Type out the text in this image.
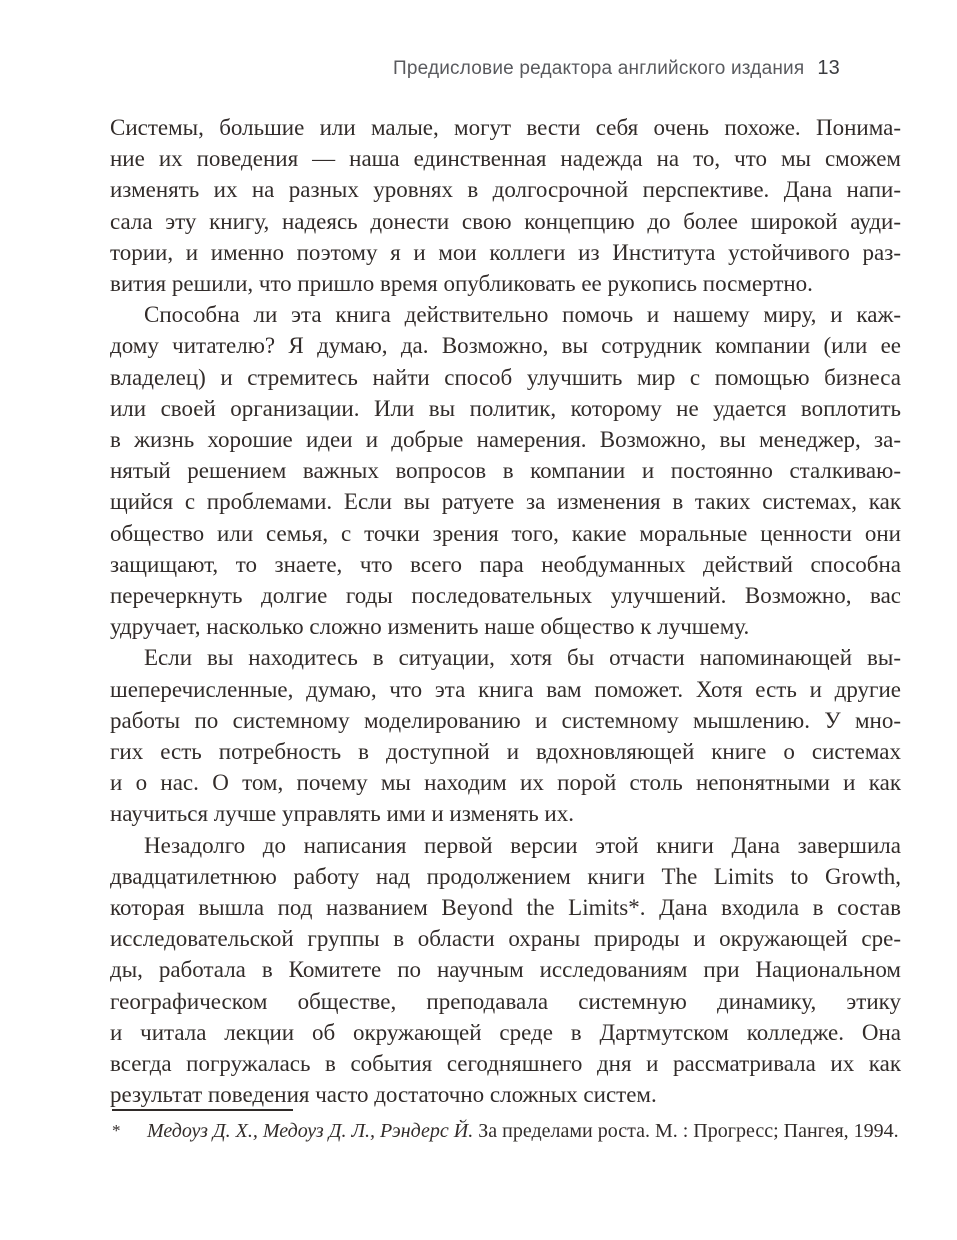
Предисловие редактора английского издания 13
Системы, большие или малые, могут вести себя очень похоже. Понима-
ние их поведения — наша единственная надежда на то, что мы сможем
изменять их на разных уровнях в долгосрочной перспективе. Дана напи-
сала эту книгу, надеясь донести свою концепцию до более широкой ауди-
тории, и именно поэтому я и мои коллеги из Института устойчивого раз-
вития решили, что пришло время опубликовать ее рукопись посмертно.
Способна ли эта книга действительно помочь и нашему миру, и каж-
дому читателю? Я думаю, да. Возможно, вы сотрудник компании (или ее
владелец) и стремитесь найти способ улучшить мир с помощью бизнеса
или своей организации. Или вы политик, которому не удается воплотить
в жизнь хорошие идеи и добрые намерения. Возможно, вы менеджер, за-
нятый решением важных вопросов в компании и постоянно сталкиваю-
щийся с проблемами. Если вы ратуете за изменения в таких системах, как
общество или семья, с точки зрения того, какие моральные ценности они
защищают, то знаете, что всего пара необдуманных действий способна
перечеркнуть долгие годы последовательных улучшений. Возможно, вас
удручает, насколько сложно изменить наше общество к лучшему.
Если вы находитесь в ситуации, хотя бы отчасти напоминающей вы-
шеперечисленные, думаю, что эта книга вам поможет. Хотя есть и другие
работы по системному моделированию и системному мышлению. У мно-
гих есть потребность в доступной и вдохновляющей книге о системах
и о нас. О том, почему мы находим их порой столь непонятными и как
научиться лучше управлять ими и изменять их.
Незадолго до написания первой версии этой книги Дана завершила
двадцатилетнюю работу над продолжением книги The Limits to Growth,
которая вышла под названием Beyond the Limits*. Дана входила в состав
исследовательской группы в области охраны природы и окружающей сре-
ды, работала в Комитете по научным исследованиям при Национальном
географическом обществе, преподавала системную динамику, этику
и читала лекции об окружающей среде в Дартмутском колледже. Она
всегда погружалась в события сегодняшнего дня и рассматривала их как
результат поведения часто достаточно сложных систем.
*	Медоуз Д. Х., Медоуз Д. Л., Рэндерс Й. За пределами роста. М. : Прогресс; Пангея, 1994.
